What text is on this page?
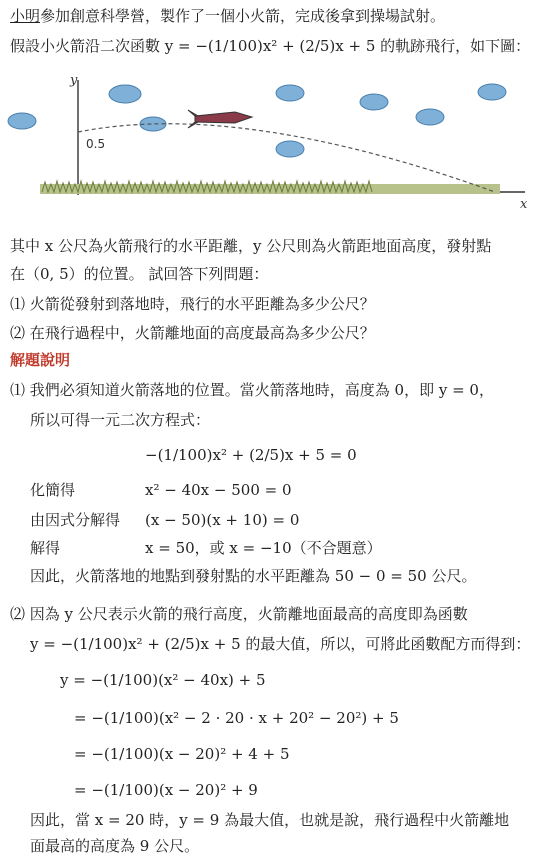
小明參加創意科學營，製作了一個小火箭，完成後拿到操場試射。
假設小火箭沿二次函數 y = −(1/100)x² + (2/5)x + 5 的軌跡飛行，如下圖：
y
x
0.5
其中 x 公尺為火箭飛行的水平距離，y 公尺則為火箭距地面高度，發射點
在（0, 5）的位置。 試回答下列問題：
⑴ 火箭從發射到落地時，飛行的水平距離為多少公尺？
⑵ 在飛行過程中，火箭離地面的高度最高為多少公尺？
解題說明
⑴ 我們必須知道火箭落地的位置。當火箭落地時，高度為 0，即 y = 0，
所以可得一元二次方程式：
−(1/100)x² + (2/5)x + 5 = 0
化簡得	x² − 40x − 500 = 0
由因式分解得 (x − 50)(x + 10) = 0
解得	x = 50，或 x = −10（不合題意）
因此，火箭落地的地點到發射點的水平距離為 50 − 0 = 50 公尺。
⑵ 因為 y 公尺表示火箭的飛行高度，火箭離地面最高的高度即為函數
y = −(1/100)x² + (2/5)x + 5 的最大值，所以，可將此函數配方而得到：
y = −(1/100)(x² − 40x) + 5
= −(1/100)(x² − 2 · 20 · x + 20² − 20²) + 5
= −(1/100)(x − 20)² + 4 + 5
= −(1/100)(x − 20)² + 9
因此，當 x = 20 時，y = 9 為最大值，也就是說，飛行過程中火箭離地
面最高的高度為 9 公尺。
